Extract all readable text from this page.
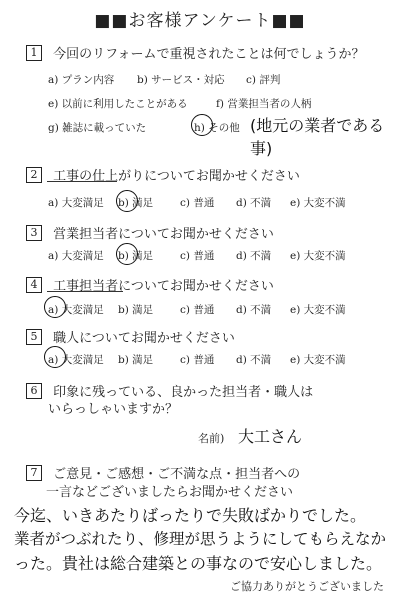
■■お客様アンケート■■
1 今回のリフォームで重視されたことは何でしょうか？
a) プラン内容 b) サービス・対応 c) 評判
e) 以前に利用したことがある	f) 営業担当者の人柄
g) 雑誌に載っていた	h) その他 (地元の業者である事)
2 工事の仕上がりについてお聞かせください
a) 大変満足 b) 満足	c) 普通 d) 不満 e) 大変不満
3 営業担当者についてお聞かせください
a) 大変満足 b) 満足	c) 普通 d) 不満 e) 大変不満
4 工事担当者についてお聞かせください
a) 大変満足 b) 満足	c) 普通 d) 不満 e) 大変不満
5 職人についてお聞かせください
a) 大変満足 b) 満足	c) 普通 d) 不満 e) 大変不満
6 印象に残っている、良かった担当者・職人は
いらっしゃいますか？
名前) 大工さん
7 ご意見・ご感想・ご不満な点・担当者への
一言などございましたらお聞かせください
今迄、いきあたりばったりで失敗ばかりでした。
業者がつぶれたり、修理が思うようにしてもらえなか
った。貴社は総合建築との事なので安心しました。
ご協力ありがとうございました
